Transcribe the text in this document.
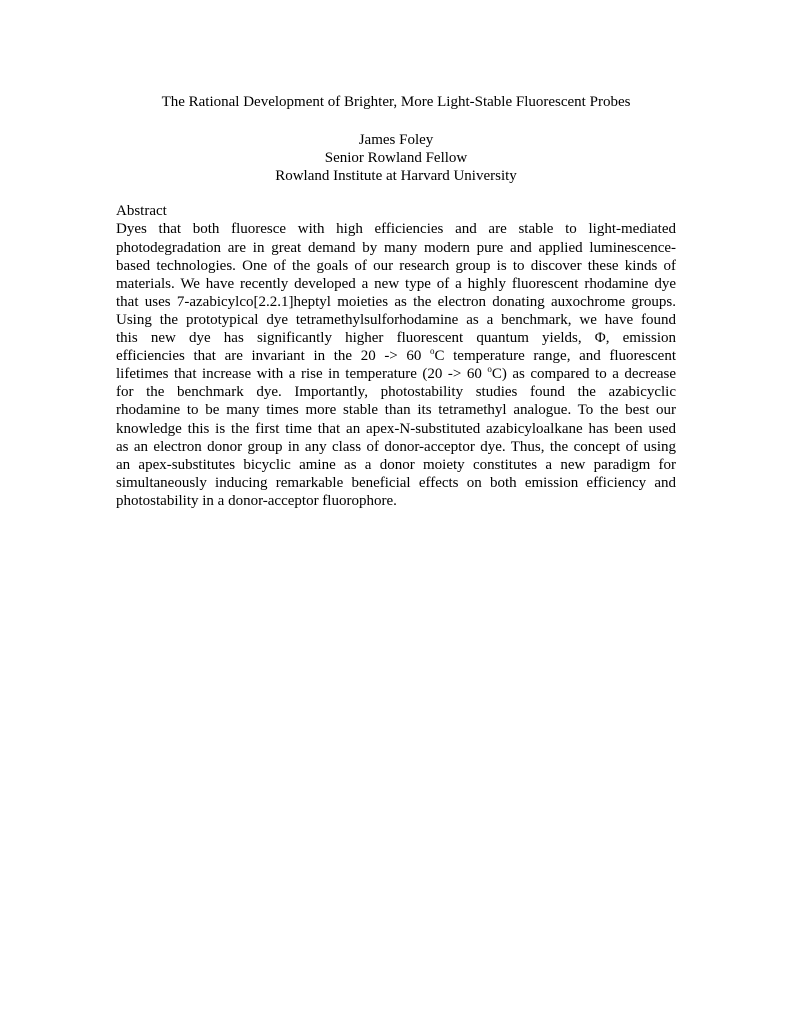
The Rational Development of Brighter, More Light-Stable Fluorescent Probes

James Foley
Senior Rowland Fellow
Rowland Institute at Harvard University
Abstract
Dyes that both fluoresce with high efficiencies and are stable to light-mediated
photodegradation are in great demand by many modern pure and applied luminescence-
based technologies. One of the goals of our research group is to discover these kinds of
materials. We have recently developed a new type of a highly fluorescent rhodamine dye
that uses 7-azabicylco[2.2.1]heptyl moieties as the electron donating auxochrome groups.
Using the prototypical dye tetramethylsulforhodamine as a benchmark, we have found
this new dye has significantly higher fluorescent quantum yields, Φ, emission
efficiencies that are invariant in the 20 -> 60 $^o$C temperature range, and fluorescent
lifetimes that increase with a rise in temperature (20 -> 60 $^o$C) as compared to a decrease
for the benchmark dye. Importantly, photostability studies found the azabicyclic
rhodamine to be many times more stable than its tetramethyl analogue. To the best our
knowledge this is the first time that an apex-N-substituted azabicyloalkane has been used
as an electron donor group in any class of donor-acceptor dye. Thus, the concept of using
an apex-substitutes bicyclic amine as a donor moiety constitutes a new paradigm for
simultaneously inducing remarkable beneficial effects on both emission efficiency and
photostability in a donor-acceptor fluorophore.
